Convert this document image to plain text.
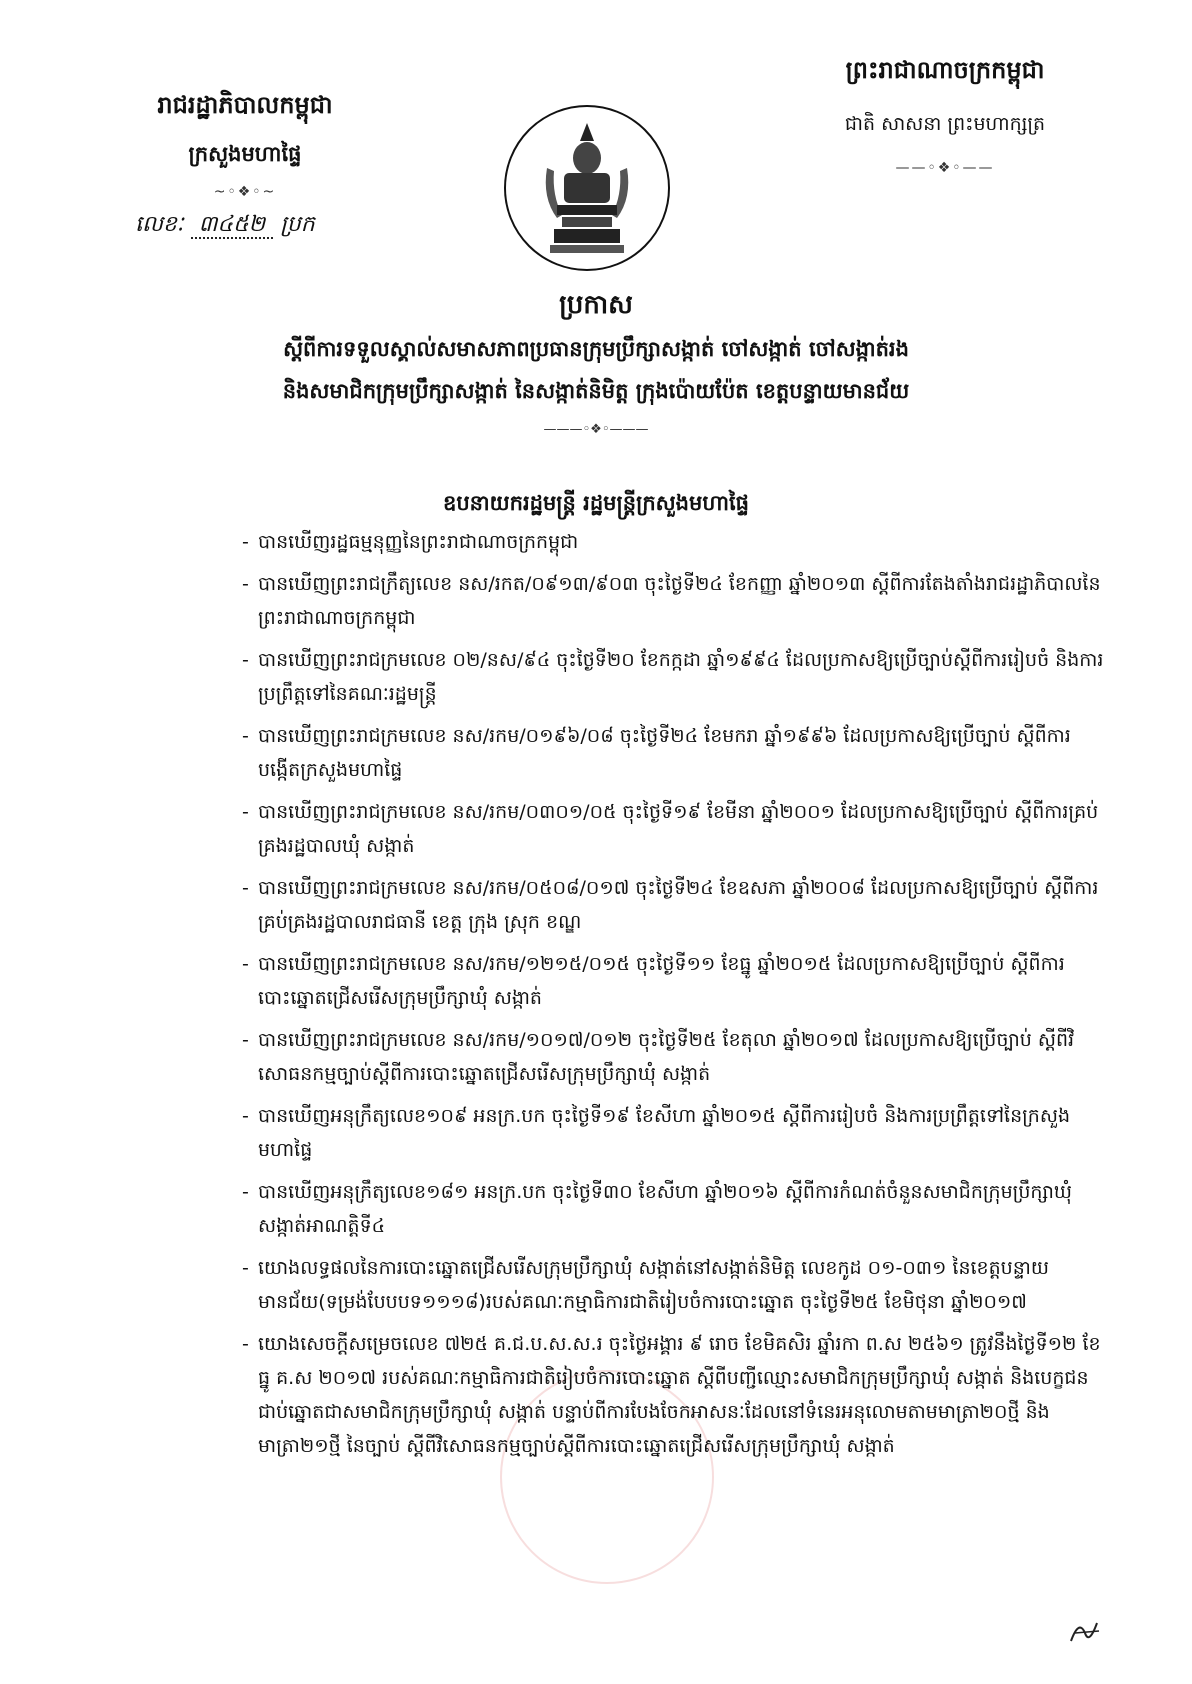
រាជរដ្ឋាភិបាលកម្ពុជា
ក្រសួងមហាផ្ទៃ
~◦❖◦~
លេខៈ ៣៤៥២ ប្រក
ព្រះរាជាណាចក្រកម្ពុជា
ជាតិ សាសនា ព្រះមហាក្សត្រ
——◦❖◦——
ប្រកាស
ស្តីពីការទទួលស្គាល់សមាសភាពប្រធានក្រុមប្រឹក្សាសង្កាត់ ចៅសង្កាត់ ចៅសង្កាត់រង
និងសមាជិកក្រុមប្រឹក្សាសង្កាត់ នៃសង្កាត់និមិត្ត ក្រុងប៉ោយប៉ែត ខេត្តបន្ទាយមានជ័យ
———◦❖◦———
ឧបនាយករដ្ឋមន្ត្រី រដ្ឋមន្ត្រីក្រសួងមហាផ្ទៃ
- បានឃើញរដ្ឋធម្មនុញ្ញនៃព្រះរាជាណាចក្រកម្ពុជា
- បានឃើញព្រះរាជក្រឹត្យលេខ នស/រកត/០៩១៣/៩០៣ ចុះថ្ងៃទី២៤ ខែកញ្ញា ឆ្នាំ២០១៣ ស្តីពីការតែងតាំងរាជរដ្ឋាភិបាលនៃព្រះរាជាណាចក្រកម្ពុជា
- បានឃើញព្រះរាជក្រមលេខ ០២/នស/៩៤ ចុះថ្ងៃទី២០ ខែកក្កដា ឆ្នាំ១៩៩៤ ដែលប្រកាសឱ្យប្រើច្បាប់ស្តីពីការរៀបចំ និងការប្រព្រឹត្តទៅនៃគណៈរដ្ឋមន្ត្រី
- បានឃើញព្រះរាជក្រមលេខ នស/រកម/០១៩៦/០៨ ចុះថ្ងៃទី២៤ ខែមករា ឆ្នាំ១៩៩៦ ដែលប្រកាសឱ្យប្រើច្បាប់ ស្តីពីការបង្កើតក្រសួងមហាផ្ទៃ
- បានឃើញព្រះរាជក្រមលេខ នស/រកម/០៣០១/០៥ ចុះថ្ងៃទី១៩ ខែមីនា ឆ្នាំ២០០១ ដែលប្រកាសឱ្យប្រើច្បាប់ ស្តីពីការគ្រប់គ្រងរដ្ឋបាលឃុំ សង្កាត់
- បានឃើញព្រះរាជក្រមលេខ នស/រកម/០៥០៨/០១៧ ចុះថ្ងៃទី២៤ ខែឧសភា ឆ្នាំ២០០៨ ដែលប្រកាសឱ្យប្រើច្បាប់ ស្តីពីការគ្រប់គ្រងរដ្ឋបាលរាជធានី ខេត្ត ក្រុង ស្រុក ខណ្ឌ
- បានឃើញព្រះរាជក្រមលេខ នស/រកម/១២១៥/០១៥ ចុះថ្ងៃទី១១ ខែធ្នូ ឆ្នាំ២០១៥ ដែលប្រកាសឱ្យប្រើច្បាប់ ស្តីពីការបោះឆ្នោតជ្រើសរើសក្រុមប្រឹក្សាឃុំ សង្កាត់
- បានឃើញព្រះរាជក្រមលេខ នស/រកម/១០១៧/០១២ ចុះថ្ងៃទី២៥ ខែតុលា ឆ្នាំ២០១៧ ដែលប្រកាសឱ្យប្រើច្បាប់ ស្តីពីវិសោធនកម្មច្បាប់ស្តីពីការបោះឆ្នោតជ្រើសរើសក្រុមប្រឹក្សាឃុំ សង្កាត់
- បានឃើញអនុក្រឹត្យលេខ១០៩ អនក្រ.បក ចុះថ្ងៃទី១៩ ខែសីហា ឆ្នាំ២០១៥ ស្តីពីការរៀបចំ និងការប្រព្រឹត្តទៅនៃក្រសួងមហាផ្ទៃ
- បានឃើញអនុក្រឹត្យលេខ១៨១ អនក្រ.បក ចុះថ្ងៃទី៣០ ខែសីហា ឆ្នាំ២០១៦ ស្តីពីការកំណត់ចំនួនសមាជិកក្រុមប្រឹក្សាឃុំ សង្កាត់អាណត្តិទី៤
- យោងលទ្ធផលនៃការបោះឆ្នោតជ្រើសរើសក្រុមប្រឹក្សាឃុំ សង្កាត់នៅសង្កាត់និមិត្ត លេខកូដ ០១-០៣១ នៃខេត្តបន្ទាយមានជ័យ(ទម្រង់បែបបទ១១១៨)របស់គណៈកម្មាធិការជាតិរៀបចំការបោះឆ្នោត ចុះថ្ងៃទី២៥ ខែមិថុនា ឆ្នាំ២០១៧
- យោងសេចក្តីសម្រេចលេខ ៧២៥ គ.ជ.ប.ស.ស.រ ចុះថ្ងៃអង្គារ ៩ រោច ខែមិគសិរ ឆ្នាំរកា ព.ស ២៥៦១ ត្រូវនឹងថ្ងៃទី១២ ខែធ្នូ គ.ស ២០១៧ របស់គណៈកម្មាធិការជាតិរៀបចំការបោះឆ្នោត ស្តីពីបញ្ជីឈ្មោះសមាជិកក្រុមប្រឹក្សាឃុំ សង្កាត់ និងបេក្ខជនជាប់ឆ្នោតជាសមាជិកក្រុមប្រឹក្សាឃុំ សង្កាត់ បន្ទាប់ពីការបែងចែកអាសនៈដែលនៅទំនេរអនុលោមតាមមាត្រា២០ថ្មី និងមាត្រា២១ថ្មី នៃច្បាប់ ស្តីពីវិសោធនកម្មច្បាប់ស្តីពីការបោះឆ្នោតជ្រើសរើសក្រុមប្រឹក្សាឃុំ សង្កាត់
